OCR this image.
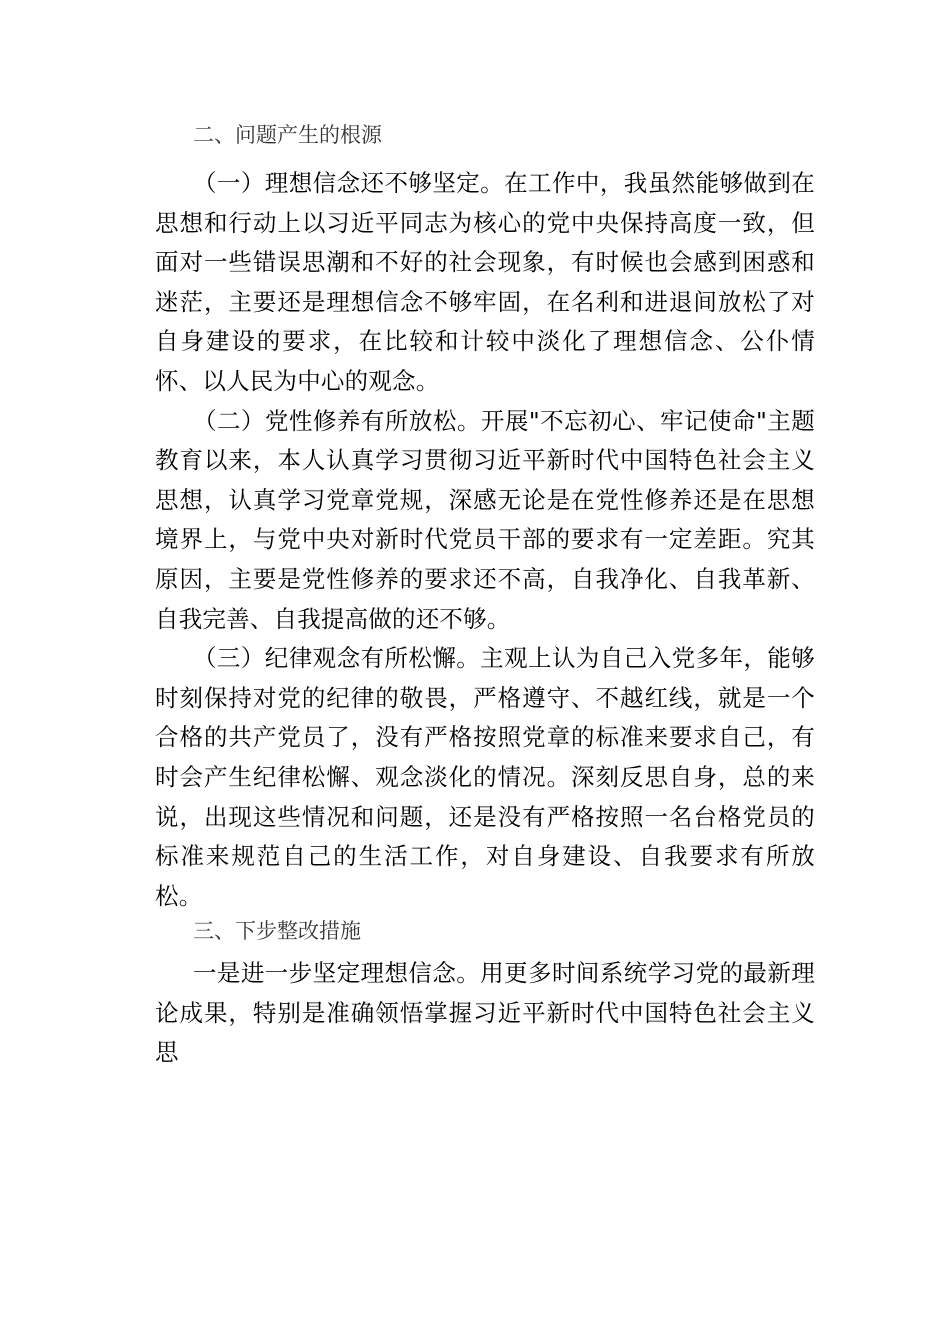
二、问题产生的根源

（一）理想信念还不够坚定。在工作中，我虽然能够做到在思想和行动上以习近平同志为核心的党中央保持高度一致，但面对一些错误思潮和不好的社会现象，有时候也会感到困惑和迷茫，主要还是理想信念不够牢固，在名利和进退间放松了对自身建设的要求，在比较和计较中淡化了理想信念、公仆情怀、以人民为中心的观念。

（二）党性修养有所放松。开展"不忘初心、牢记使命"主题教育以来，本人认真学习贯彻习近平新时代中国特色社会主义思想，认真学习党章党规，深感无论是在党性修养还是在思想境界上，与党中央对新时代党员干部的要求有一定差距。究其原因，主要是党性修养的要求还不高，自我净化、自我革新、自我完善、自我提高做的还不够。

（三）纪律观念有所松懈。主观上认为自己入党多年，能够时刻保持对党的纪律的敬畏，严格遵守、不越红线，就是一个合格的共产党员了，没有严格按照党章的标准来要求自己，有时会产生纪律松懈、观念淡化的情况。深刻反思自身，总的来说，出现这些情况和问题，还是没有严格按照一名台格党员的标准来规范自己的生活工作，对自身建设、自我要求有所放松。

三、下步整改措施

一是进一步坚定理想信念。用更多时间系统学习党的最新理论成果，特别是准确领悟掌握习近平新时代中国特色社会主义思
